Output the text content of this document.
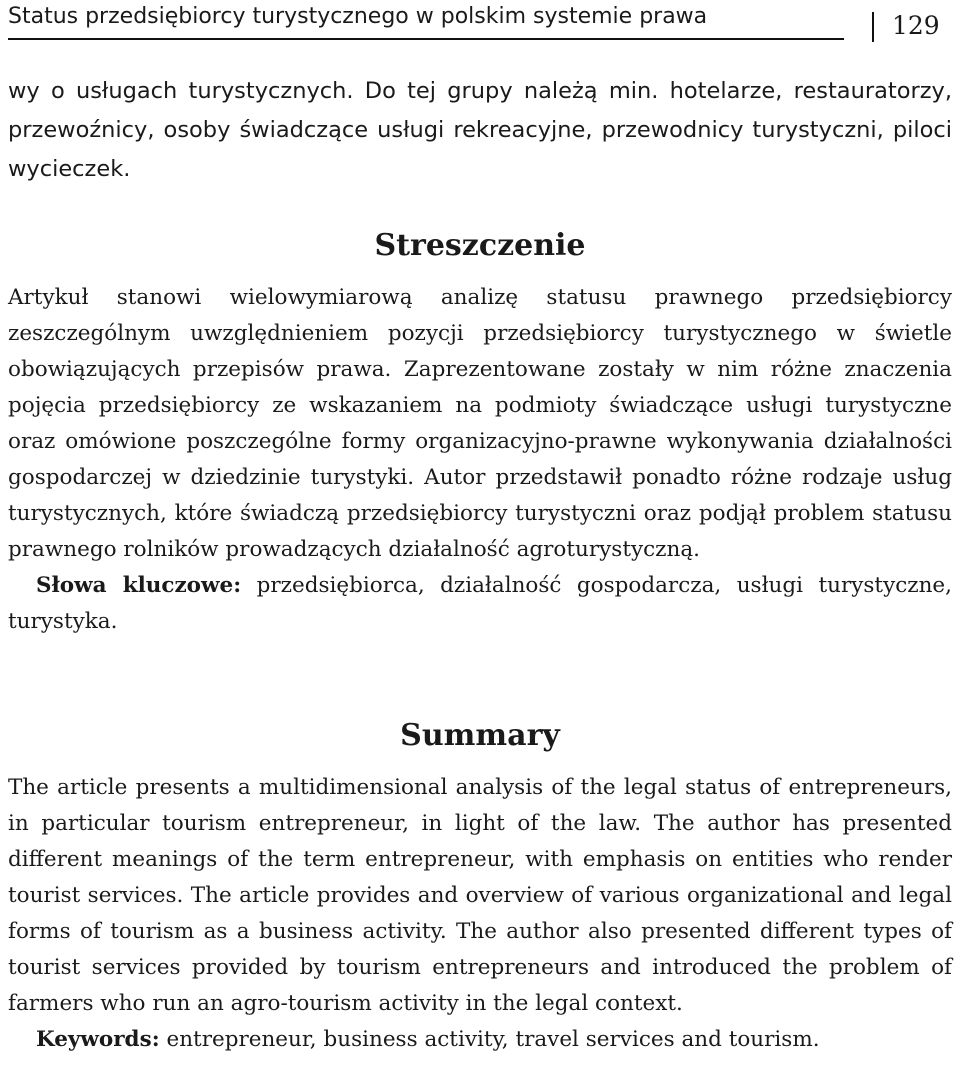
Status przedsiębiorcy turystycznego w polskim systemie prawa	129

wy o usługach turystycznych. Do tej grupy należą min. hotelarze, restauratorzy, przewoźnicy, osoby świadczące usługi rekreacyjne, przewodnicy turystyczni, piloci wycieczek.

Streszczenie

Artykuł stanowi wielowymiarową analizę statusu prawnego przedsiębiorcy zeszczególnym uwzględnieniem pozycji przedsiębiorcy turystycznego w świetle obowiązujących przepisów prawa. Zaprezentowane zostały w nim różne znaczenia pojęcia przedsiębiorcy ze wskazaniem na podmioty świadczące usługi turystyczne oraz omówione poszczególne formy organizacyjno-prawne wykonywania działalności gospodarczej w dziedzinie turystyki. Autor przedstawił ponadto różne rodzaje usług turystycznych, które świadczą przedsiębiorcy turystyczni oraz podjął problem statusu prawnego rolników prowadzących działalność agroturystyczną.

Słowa kluczowe: przedsiębiorca, działalność gospodarcza, usługi turystyczne, turystyka.

Summary

The article presents a multidimensional analysis of the legal status of entrepreneurs, in particular tourism entrepreneur, in light of the law. The author has presented different meanings of the term entrepreneur, with emphasis on entities who render tourist services. The article provides and overview of various organizational and legal forms of tourism as a business activity. The author also presented different types of tourist services provided by tourism entrepreneurs and introduced the problem of farmers who run an agro-tourism activity in the legal context.

Keywords: entrepreneur, business activity, travel services and tourism.
